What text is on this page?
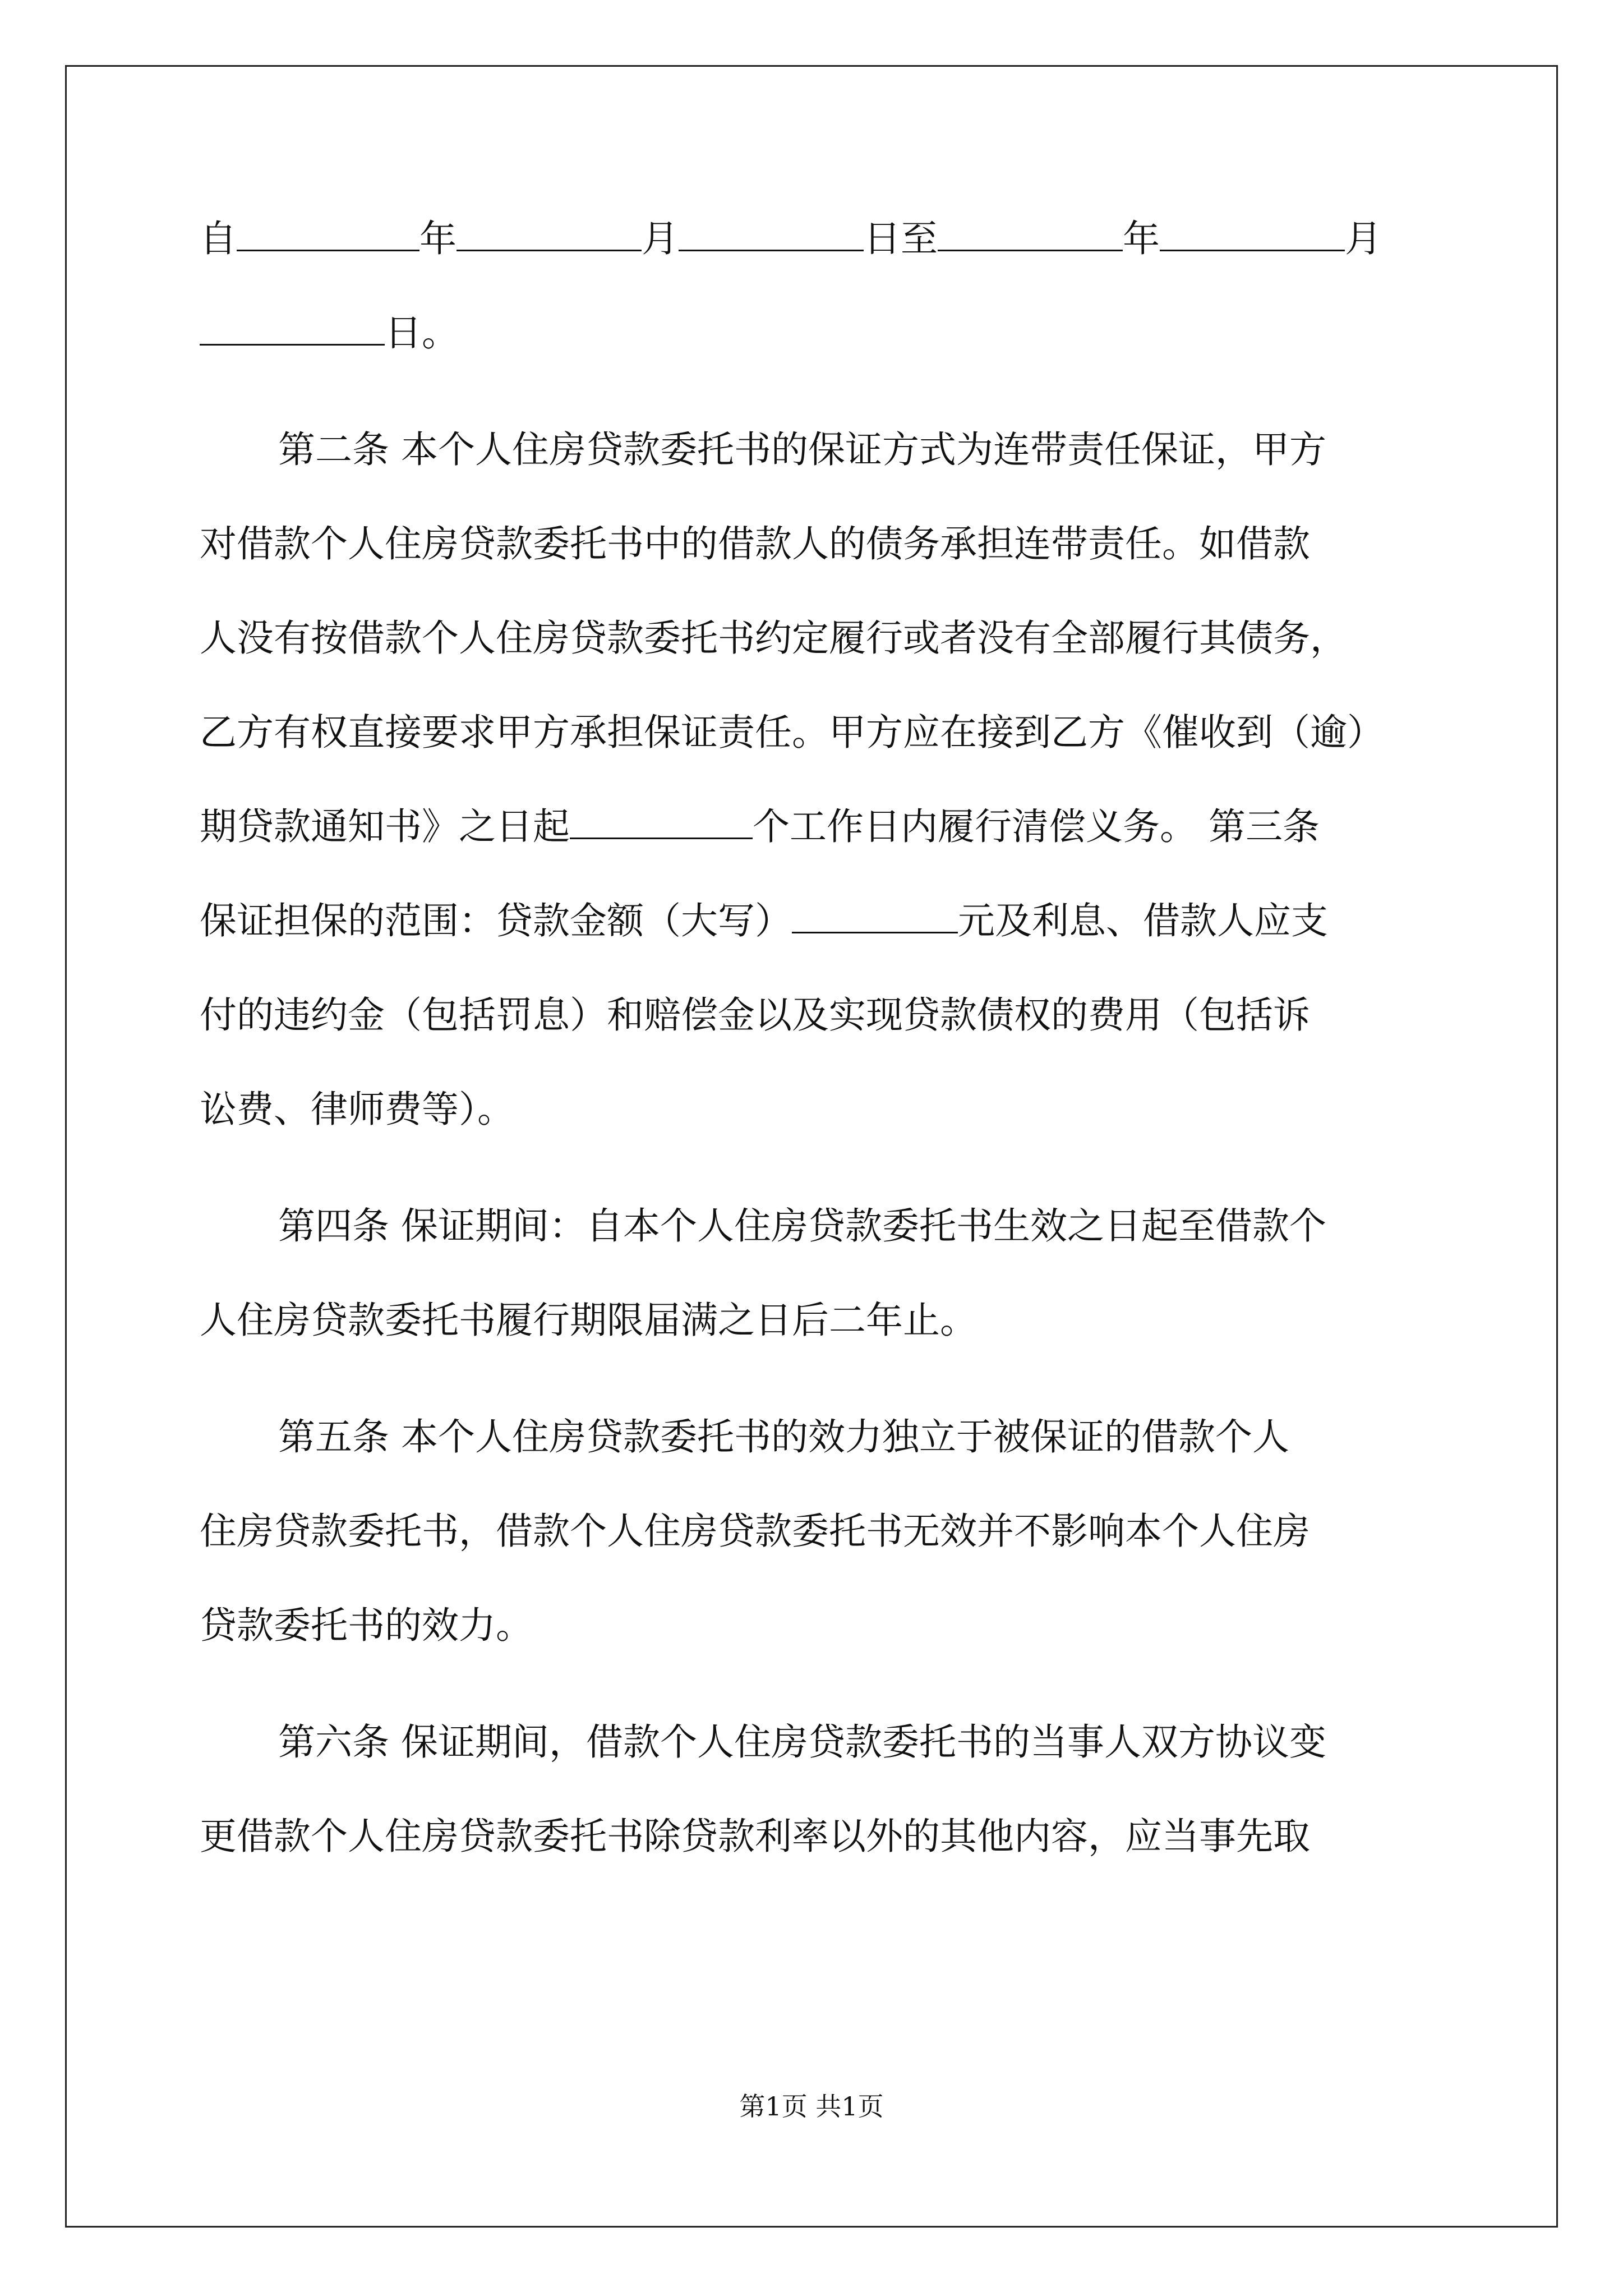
自	年	月	日至	年	月
日。
第二条 本个人住房贷款委托书的保证方式为连带责任保证，甲方
对借款个人住房贷款委托书中的借款人的债务承担连带责任。如借款
人没有按借款个人住房贷款委托书约定履行或者没有全部履行其债务，
乙方有权直接要求甲方承担保证责任。甲方应在接到乙方《催收到（逾）
期贷款通知书》之日起	个工作日内履行清偿义务。 第三条
保证担保的范围：贷款金额（大写）	元及利息、借款人应支
付的违约金（包括罚息）和赔偿金以及实现贷款债权的费用（包括诉
讼费、律师费等）。
第四条 保证期间：自本个人住房贷款委托书生效之日起至借款个
人住房贷款委托书履行期限届满之日后二年止。
第五条 本个人住房贷款委托书的效力独立于被保证的借款个人
住房贷款委托书，借款个人住房贷款委托书无效并不影响本个人住房
贷款委托书的效力。
第六条 保证期间，借款个人住房贷款委托书的当事人双方协议变
更借款个人住房贷款委托书除贷款利率以外的其他内容，应当事先取
第1页 共1页
